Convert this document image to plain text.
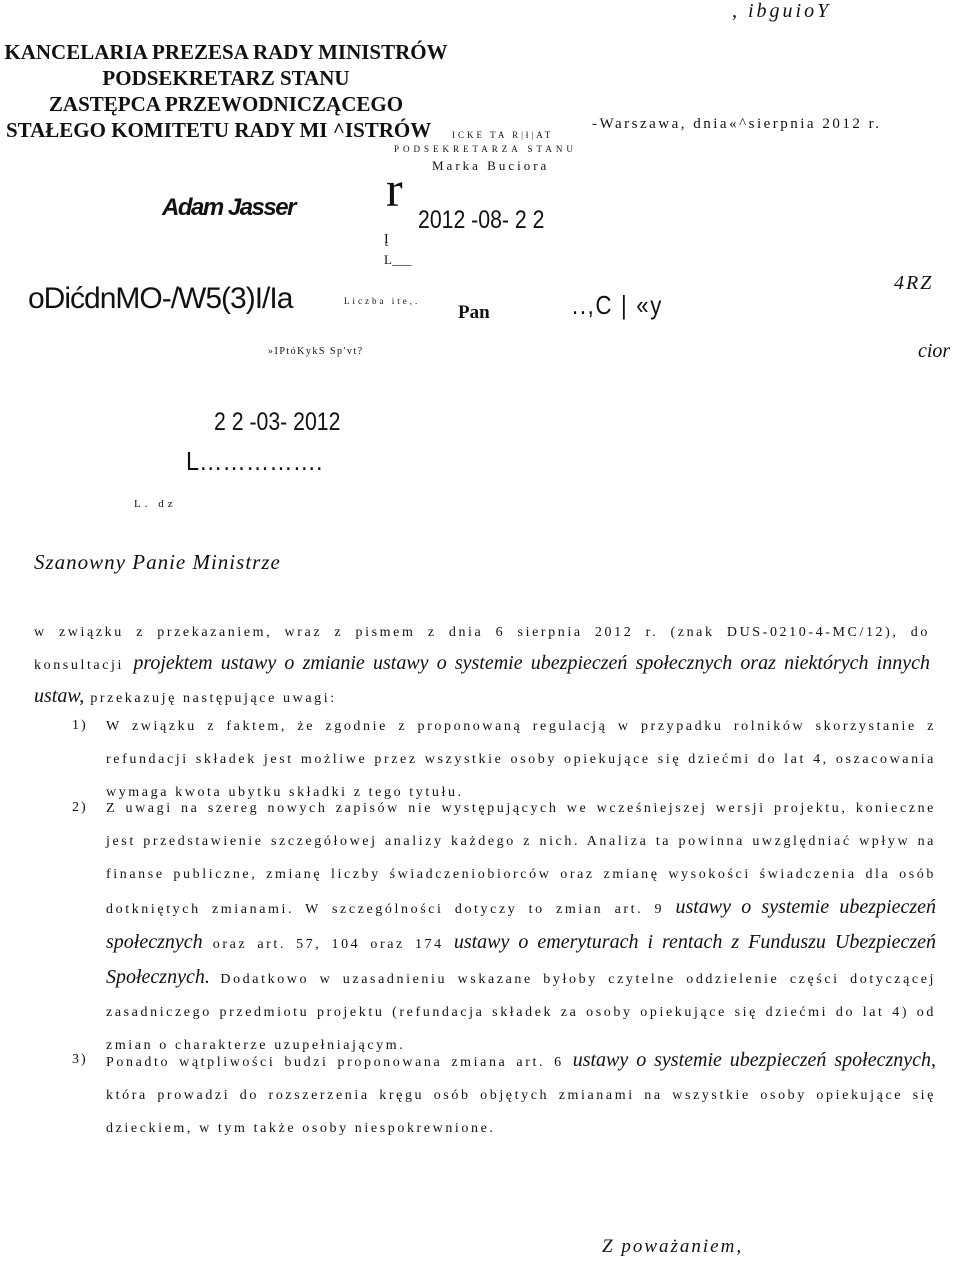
, ibguioY
KANCELARIA PREZESA RADY MINISTRÓW
PODSEKRETARZ STANU
ZASTĘPCA PRZEWODNICZĄCEGO
STAŁEGO KOMITETU RADY MI ^ISTRÓW ICKE TA R|ł|AT
-Warszawa, dnia«^sierpnia 2012 r.
PODSEKRETARZA STANU
Marka Buciora
r
2012 -08- 2 2
Į
L___
Adam Jasser
oDićdnMO-/W5(3)I/Ia	Liczba ite,.
Pan	..,C | «y
4RZ
cior
»IPtóKykS Sp'vt?
2 2 -03- 2012
L…………….
L. dz
Szanowny Panie Ministrze
w związku z przekazaniem, wraz z pismem z dnia 6 sierpnia 2012 r. (znak DUS-0210-4-MC/12), do konsultacji projektem ustawy o zmianie ustawy o systemie ubezpieczeń społecznych oraz niektórych innych ustaw, przekazuję następujące uwagi:
1) W związku z faktem, że zgodnie z proponowaną regulacją w przypadku rolników skorzystanie z refundacji składek jest możliwe przez wszystkie osoby opiekujące się dziećmi do lat 4, oszacowania wymaga kwota ubytku składki z tego tytułu.
2) Z uwagi na szereg nowych zapisów nie występujących we wcześniejszej wersji projektu, konieczne jest przedstawienie szczegółowej analizy każdego z nich. Analiza ta powinna uwzględniać wpływ na finanse publiczne, zmianę liczby świadczeniobiorców oraz zmianę wysokości świadczenia dla osób dotkniętych zmianami. W szczególności dotyczy to zmian art. 9 ustawy o systemie ubezpieczeń społecznych oraz art. 57, 104 oraz 174 ustawy o emeryturach i rentach z Funduszu Ubezpieczeń Społecznych. Dodatkowo w uzasadnieniu wskazane byłoby czytelne oddzielenie części dotyczącej zasadniczego przedmiotu projektu (refundacja składek za osoby opiekujące się dziećmi do lat 4) od zmian o charakterze uzupełniającym.
3) Ponadto wątpliwości budzi proponowana zmiana art. 6 ustawy o systemie ubezpieczeń społecznych, która prowadzi do rozszerzenia kręgu osób objętych zmianami na wszystkie osoby opiekujące się dzieckiem, w tym także osoby niespokrewnione.
Z poważaniem,
